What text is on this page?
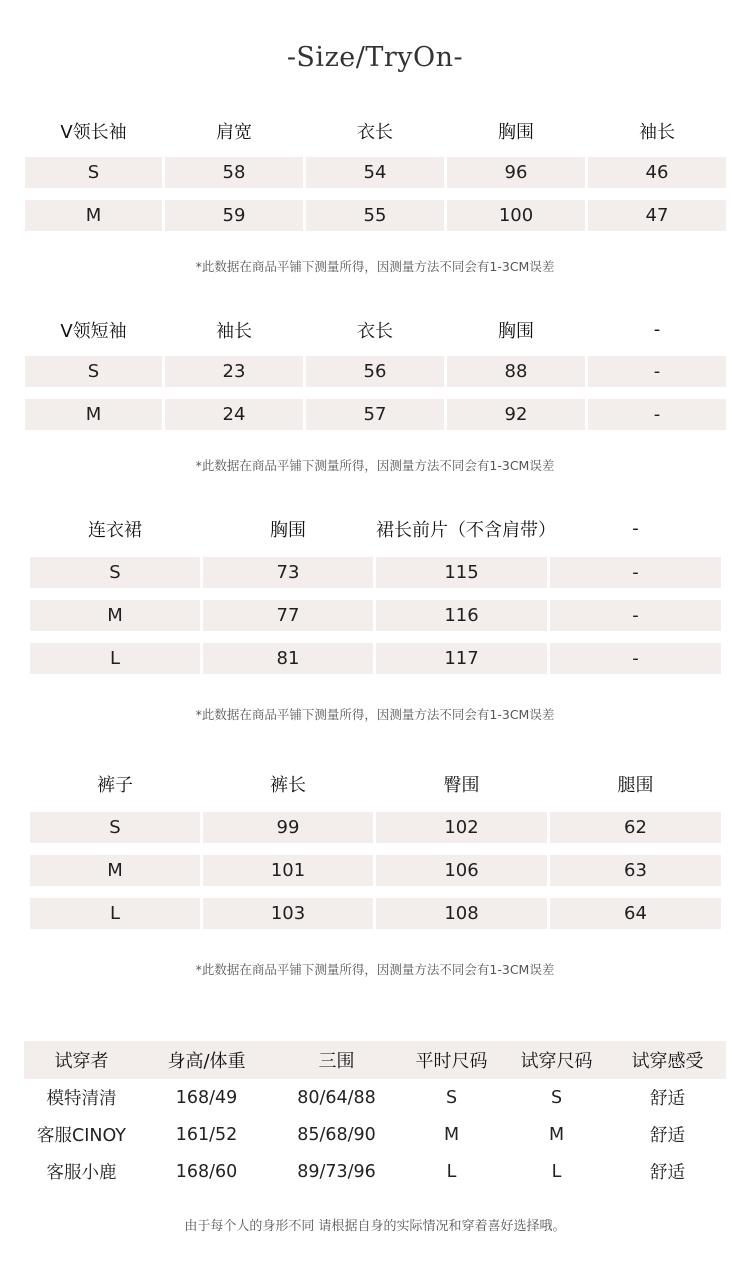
-Size/TryOn-
V领长袖	肩宽	衣长	胸围	袖长
S	58	54	96	46
M	59	55	100	47
*此数据在商品平铺下测量所得，因测量方法不同会有1-3CM误差
V领短袖	袖长	衣长	胸围	-
S	23	56	88	-
M	24	57	92	-
*此数据在商品平铺下测量所得，因测量方法不同会有1-3CM误差
连衣裙	胸围	裙长前片（不含肩带）	-
S	73	115	-
M	77	116	-
L	81	117	-
*此数据在商品平铺下测量所得，因测量方法不同会有1-3CM误差
裤子	裤长	臀围	腿围
S	99	102	62
M	101	106	63
L	103	108	64
*此数据在商品平铺下测量所得，因测量方法不同会有1-3CM误差
试穿者	身高/体重	三围	平时尺码	试穿尺码	试穿感受
模特清清	168/49	80/64/88	S	S	舒适
客服CINOY	161/52	85/68/90	M	M	舒适
客服小鹿	168/60	89/73/96	L	L	舒适
由于每个人的身形不同 请根据自身的实际情况和穿着喜好选择哦。
